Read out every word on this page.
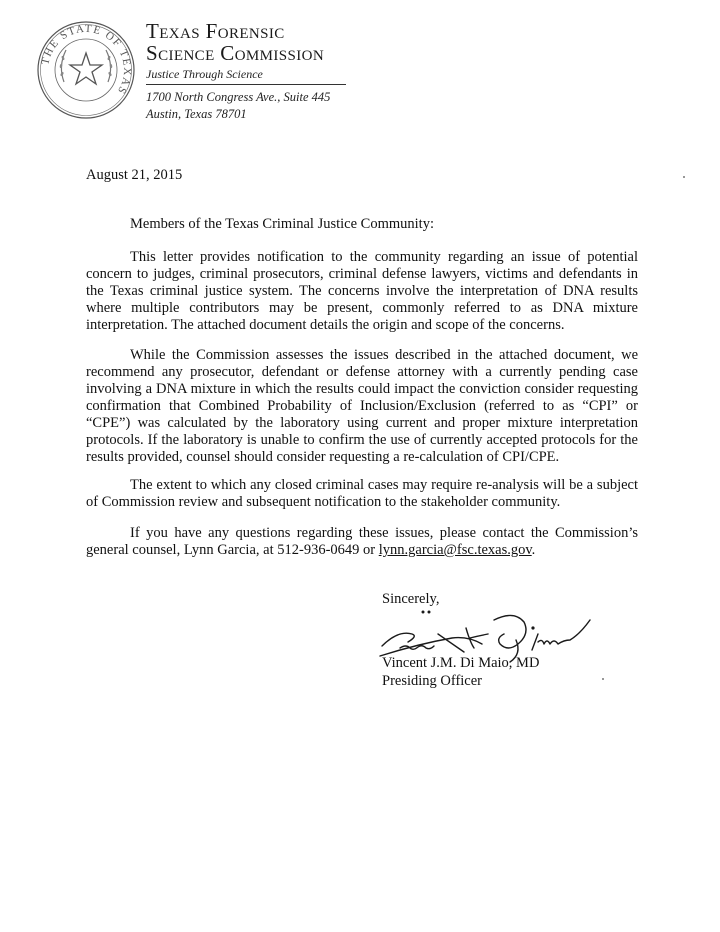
THE STATE OF TEXAS
Texas Forensic
Science Commission
Justice Through Science
1700 North Congress Ave., Suite 445
Austin, Texas 78701
August 21, 2015
Members of the Texas Criminal Justice Community:
This letter provides notification to the community regarding an issue of potential concern to judges, criminal prosecutors, criminal defense lawyers, victims and defendants in the Texas criminal justice system. The concerns involve the interpretation of DNA results where multiple contributors may be present, commonly referred to as DNA mixture interpretation. The attached document details the origin and scope of the concerns.
While the Commission assesses the issues described in the attached document, we recommend any prosecutor, defendant or defense attorney with a currently pending case involving a DNA mixture in which the results could impact the conviction consider requesting confirmation that Combined Probability of Inclusion/Exclusion (referred to as “CPI” or “CPE”) was calculated by the laboratory using current and proper mixture interpretation protocols. If the laboratory is unable to confirm the use of currently accepted protocols for the results provided, counsel should consider requesting a re-calculation of CPI/CPE.
The extent to which any closed criminal cases may require re-analysis will be a subject of Commission review and subsequent notification to the stakeholder community.
If you have any questions regarding these issues, please contact the Commission’s general counsel, Lynn Garcia, at 512-936-0649 or lynn.garcia@fsc.texas.gov.
Sincerely,
Vincent J.M. Di Maio, MD
Presiding Officer
